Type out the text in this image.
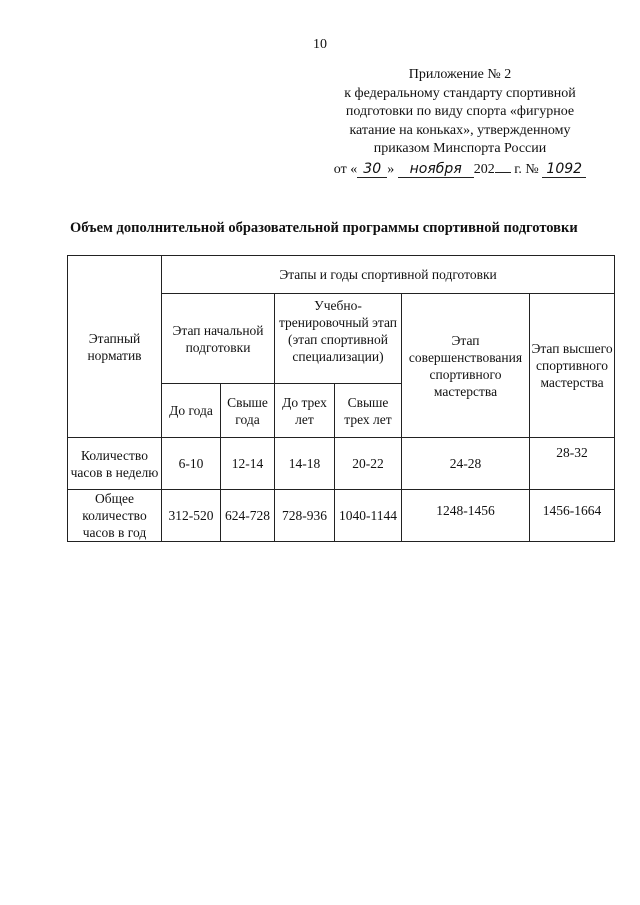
10
Приложение № 2
к федеральному стандарту спортивной
подготовки по виду спорта «фигурное
катание на коньках», утвержденному
приказом Минспорта России
от « 30 » ноября 202 г. № 1092
Объем дополнительной образовательной программы спортивной подготовки
Этапный норматив	Этапы и годы спортивной подготовки					
	Этап начальной подготовки		Учебно-тренировочный этап (этап спортивной специализации)		Этап совершенствования спортивного мастерства	Этап высшего спортивного мастерства
	До года	Свыше года	До трех лет	Свыше трех лет		
Количество часов в неделю	6-10	12-14	14-18	20-22	24-28	28-32
Общее количество часов в год	312-520	624-728	728-936	1040-1144	1248-1456	1456-1664
